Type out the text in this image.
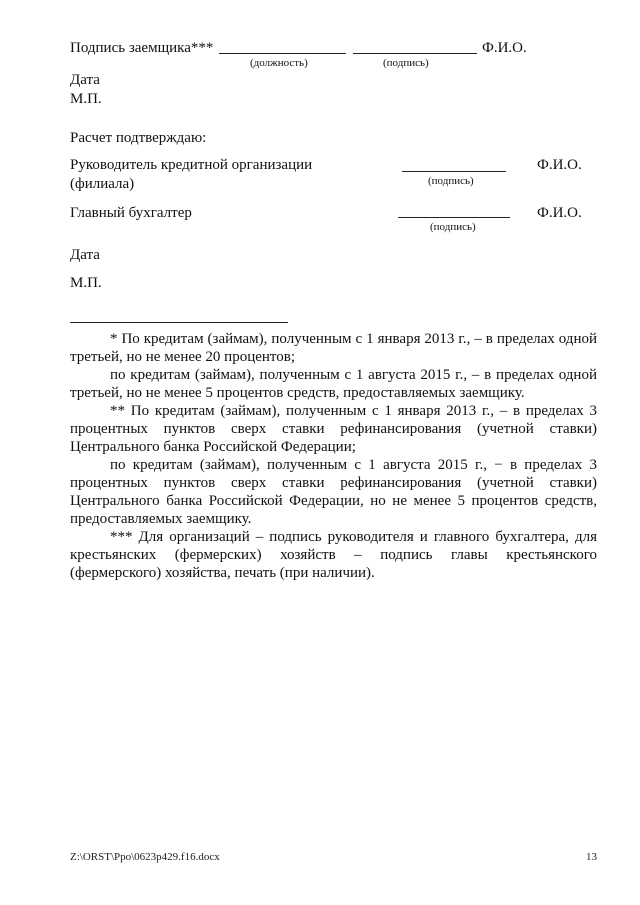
Подпись заемщика***	Ф.И.О.
(должность)	(подпись)
Дата
М.П.
Расчет подтверждаю:
Руководитель кредитной организации
(филиала)	(подпись)
Ф.И.О.
Главный бухгалтер
(подпись)
Ф.И.О.
Дата
М.П.

* По кредитам (займам), полученным с 1 января 2013 г., – в пределах одной третьей, но не менее 20 процентов;

по кредитам (займам), полученным с 1 августа 2015 г., – в пределах одной третьей, но не менее 5 процентов средств, предоставляемых заемщику.

** По кредитам (займам), полученным с 1 января 2013 г., – в пределах 3 процентных пунктов сверх ставки рефинансирования (учетной ставки) Центрального банка Российской Федерации;

по кредитам (займам), полученным с 1 августа 2015 г., − в пределах 3 процентных пунктов сверх ставки рефинансирования (учетной ставки) Центрального банка Российской Федерации, но не менее 5 процентов средств, предоставляемых заемщику.

*** Для организаций – подпись руководителя и главного бухгалтера, для крестьянских (фермерских) хозяйств – подпись главы крестьянского (фермерского) хозяйства, печать (при наличии).

Z:\ORST\Ppo\0623p429.f16.docx	13
